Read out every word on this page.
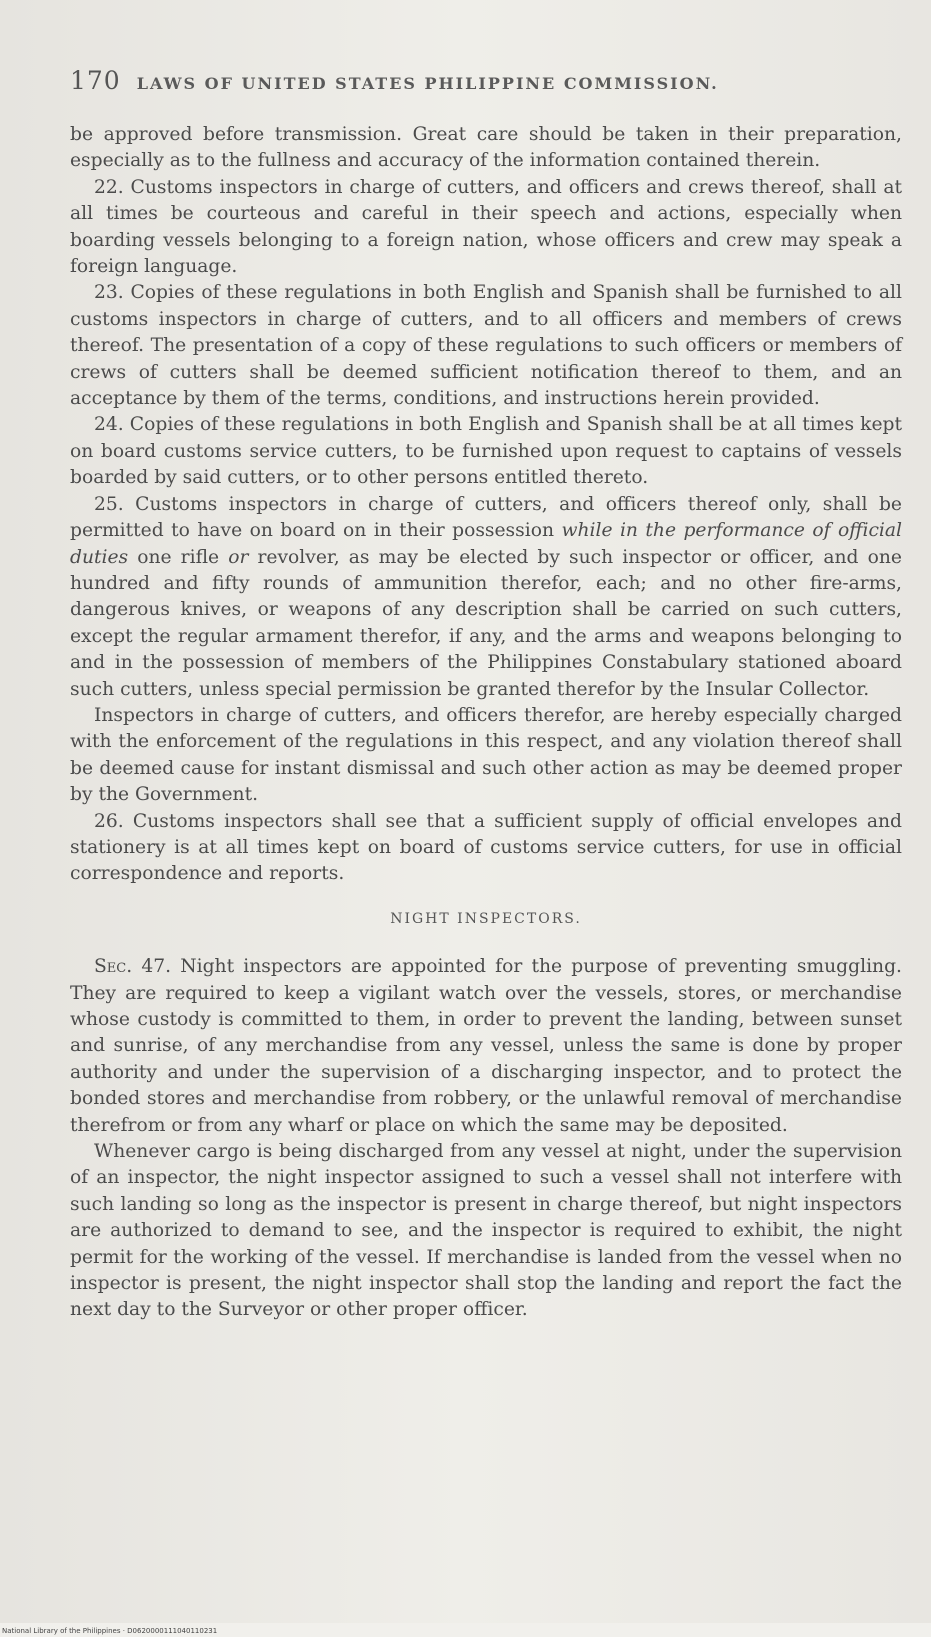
170 LAWS OF UNITED STATES PHILIPPINE COMMISSION.

be approved before transmission. Great care should be taken in their preparation, especially as to the fullness and accuracy of the information contained therein.

22. Customs inspectors in charge of cutters, and officers and crews thereof, shall at all times be courteous and careful in their speech and actions, especially when boarding vessels belonging to a foreign nation, whose officers and crew may speak a foreign language.

23. Copies of these regulations in both English and Spanish shall be furnished to all customs inspectors in charge of cutters, and to all officers and members of crews thereof. The presentation of a copy of these regulations to such officers or members of crews of cutters shall be deemed sufficient notification thereof to them, and an acceptance by them of the terms, conditions, and instructions herein provided.

24. Copies of these regulations in both English and Spanish shall be at all times kept on board customs service cutters, to be furnished upon request to captains of vessels boarded by said cutters, or to other persons entitled thereto.

25. Customs inspectors in charge of cutters, and officers thereof only, shall be permitted to have on board on in their possession while in the performance of official duties one rifle or revolver, as may be elected by such inspector or officer, and one hundred and fifty rounds of ammunition therefor, each; and no other fire-arms, dangerous knives, or weapons of any description shall be carried on such cutters, except the regular armament therefor, if any, and the arms and weapons belonging to and in the possession of members of the Philippines Constabulary stationed aboard such cutters, unless special permission be granted therefor by the Insular Collector.

Inspectors in charge of cutters, and officers therefor, are hereby especially charged with the enforcement of the regulations in this respect, and any violation thereof shall be deemed cause for instant dismissal and such other action as may be deemed proper by the Government.

26. Customs inspectors shall see that a sufficient supply of official envelopes and stationery is at all times kept on board of customs service cutters, for use in official correspondence and reports.

NIGHT INSPECTORS.

Sec. 47. Night inspectors are appointed for the purpose of preventing smuggling. They are required to keep a vigilant watch over the vessels, stores, or merchandise whose custody is committed to them, in order to prevent the landing, between sunset and sunrise, of any merchandise from any vessel, unless the same is done by proper authority and under the supervision of a discharging inspector, and to protect the bonded stores and merchandise from robbery, or the unlawful removal of merchandise therefrom or from any wharf or place on which the same may be deposited.

Whenever cargo is being discharged from any vessel at night, under the supervision of an inspector, the night inspector assigned to such a vessel shall not interfere with such landing so long as the inspector is present in charge thereof, but night inspectors are authorized to demand to see, and the inspector is required to exhibit, the night permit for the working of the vessel. If merchandise is landed from the vessel when no inspector is present, the night inspector shall stop the landing and report the fact the next day to the Surveyor or other proper officer.

National Library of the Philippines · D0620000111040110231
